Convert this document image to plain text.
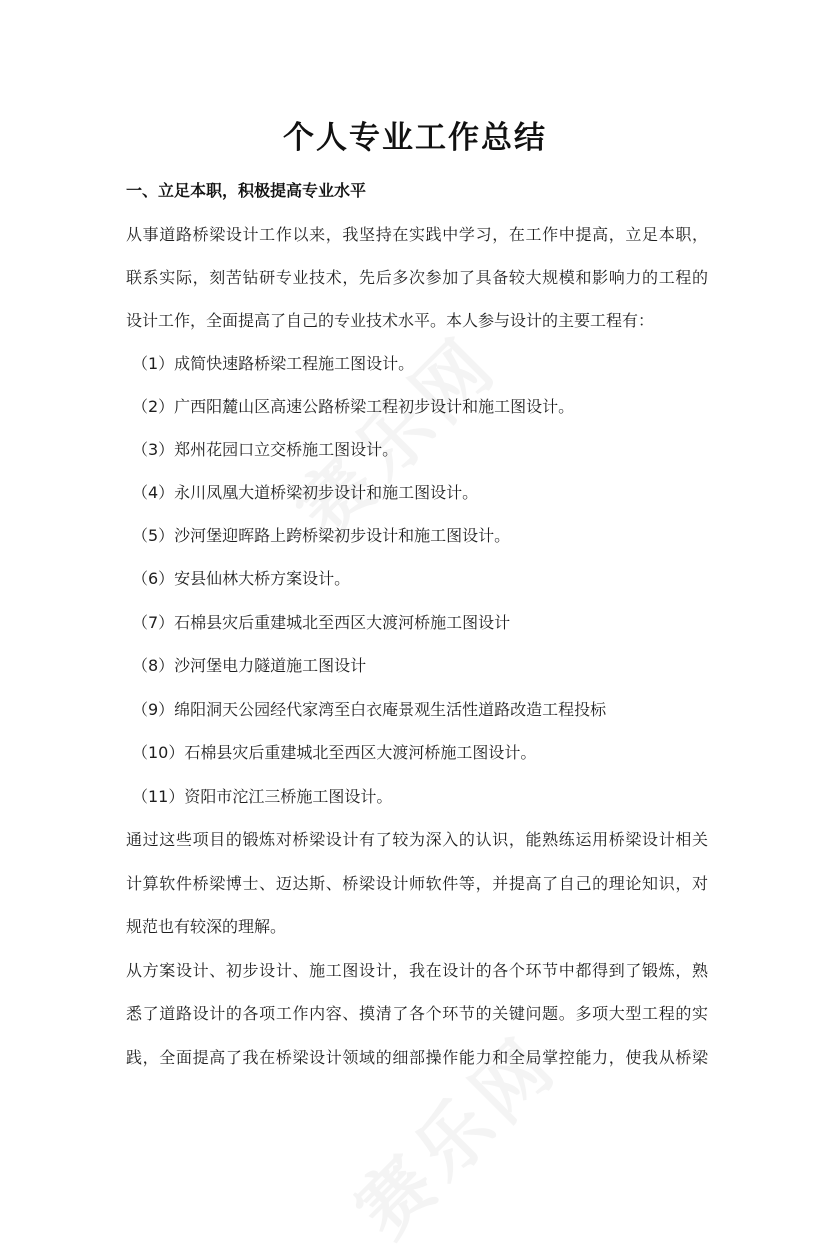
个人专业工作总结
一、立足本职，积极提高专业水平
从事道路桥梁设计工作以来，我坚持在实践中学习，在工作中提高，立足本职，
联系实际，刻苦钻研专业技术，先后多次参加了具备较大规模和影响力的工程的
设计工作，全面提高了自己的专业技术水平。本人参与设计的主要工程有：
（1）成简快速路桥梁工程施工图设计。
（2）广西阳麓山区高速公路桥梁工程初步设计和施工图设计。
（3）郑州花园口立交桥施工图设计。
（4）永川凤凰大道桥梁初步设计和施工图设计。
（5）沙河堡迎晖路上跨桥梁初步设计和施工图设计。
（6）安县仙林大桥方案设计。
（7）石棉县灾后重建城北至西区大渡河桥施工图设计
（8）沙河堡电力隧道施工图设计
（9）绵阳洞天公园经代家湾至白衣庵景观生活性道路改造工程投标
（10）石棉县灾后重建城北至西区大渡河桥施工图设计。
（11）资阳市沱江三桥施工图设计。
通过这些项目的锻炼对桥梁设计有了较为深入的认识，能熟练运用桥梁设计相关
计算软件桥梁博士、迈达斯、桥梁设计师软件等，并提高了自己的理论知识，对
规范也有较深的理解。
从方案设计、初步设计、施工图设计，我在设计的各个环节中都得到了锻炼，熟
悉了道路设计的各项工作内容、摸清了各个环节的关键问题。多项大型工程的实
践，全面提高了我在桥梁设计领域的细部操作能力和全局掌控能力，使我从桥梁
